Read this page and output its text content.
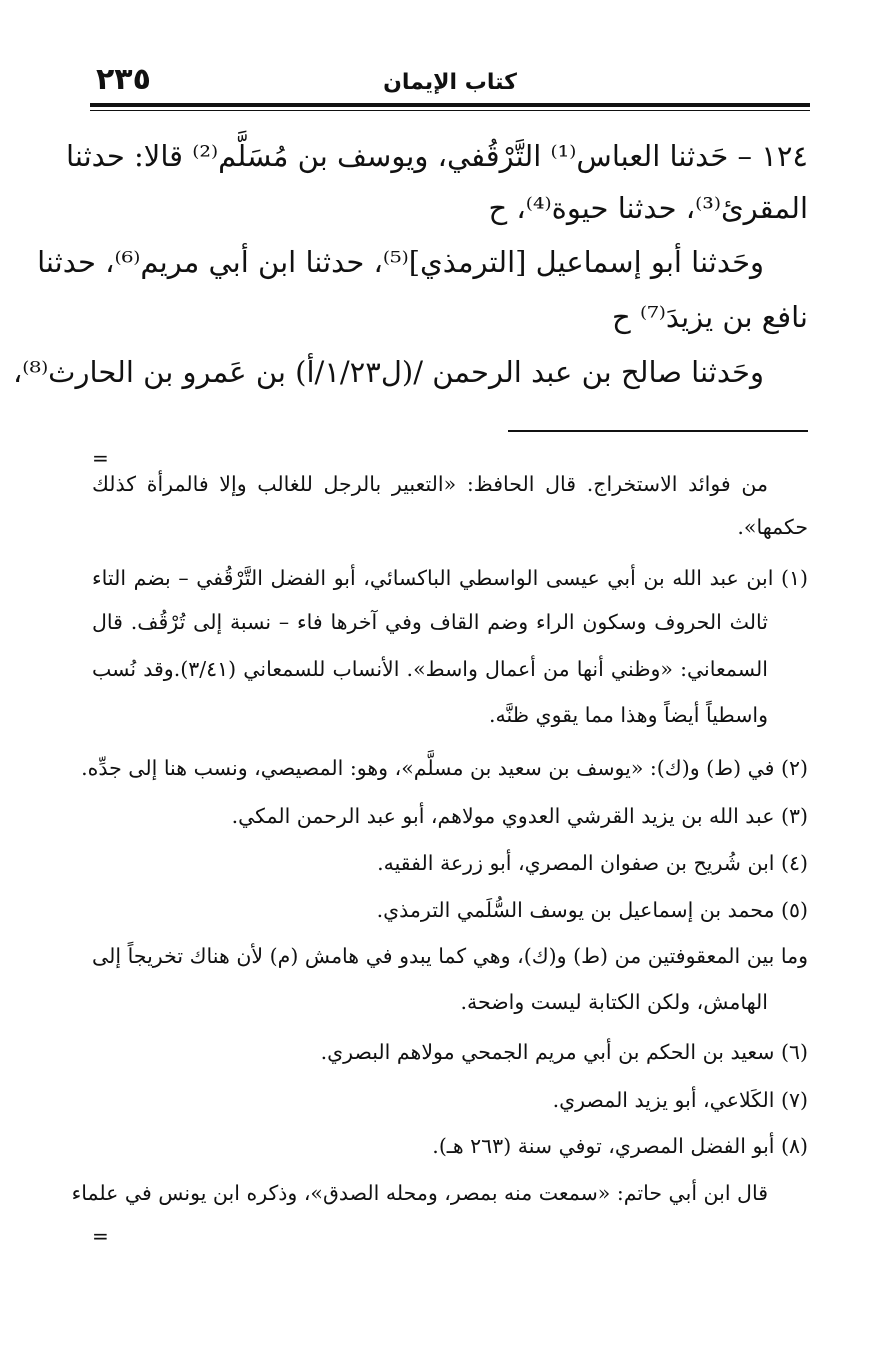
كتاب الإيمان
٢٣٥
١٢٤ – حَدثنا العباس⁽¹⁾ التَّرْقُفي، ويوسف بن مُسَلَّم⁽²⁾ قالا: حدثنا
المقرئ⁽³⁾، حدثنا حيوة⁽⁴⁾، ح
وحَدثنا أبو إسماعيل [الترمذي]⁽⁵⁾، حدثنا ابن أبي مريم⁽⁶⁾، حدثنا
نافع بن يزيدَ⁽⁷⁾ ح
وحَدثنا صالح بن عبد الرحمن /(ل١/٢٣/أ) بن عَمرو بن الحارث⁽⁸⁾،
=
من فوائد الاستخراج. قال الحافظ: «التعبير بالرجل للغالب وإلا فالمرأة كذلك
حكمها».
(١) ابن عبد الله بن أبي عيسى الواسطي الباكسائي، أبو الفضل التَّرْقُفي – بضم التاء
ثالث الحروف وسكون الراء وضم القاف وفي آخرها فاء – نسبة إلى تُرْقُف. قال
السمعاني: «وظني أنها من أعمال واسط». الأنساب للسمعاني (٣/٤١).وقد نُسب
واسطياً أيضاً وهذا مما يقوي ظنَّه.
(٢) في (ط) و(ك): «يوسف بن سعيد بن مسلَّم»، وهو: المصيصي، ونسب هنا إلى جدِّه.
(٣) عبد الله بن يزيد القرشي العدوي مولاهم، أبو عبد الرحمن المكي.
(٤) ابن شُريح بن صفوان المصري، أبو زرعة الفقيه.
(٥) محمد بن إسماعيل بن يوسف السُّلَمي الترمذي.
وما بين المعقوفتين من (ط) و(ك)، وهي كما يبدو في هامش (م) لأن هناك تخريجاً إلى
الهامش، ولكن الكتابة ليست واضحة.
(٦) سعيد بن الحكم بن أبي مريم الجمحي مولاهم البصري.
(٧) الكَلاعي، أبو يزيد المصري.
(٨) أبو الفضل المصري، توفي سنة (٢٦٣ هـ).
قال ابن أبي حاتم: «سمعت منه بمصر، ومحله الصدق»، وذكره ابن يونس في علماء
=
